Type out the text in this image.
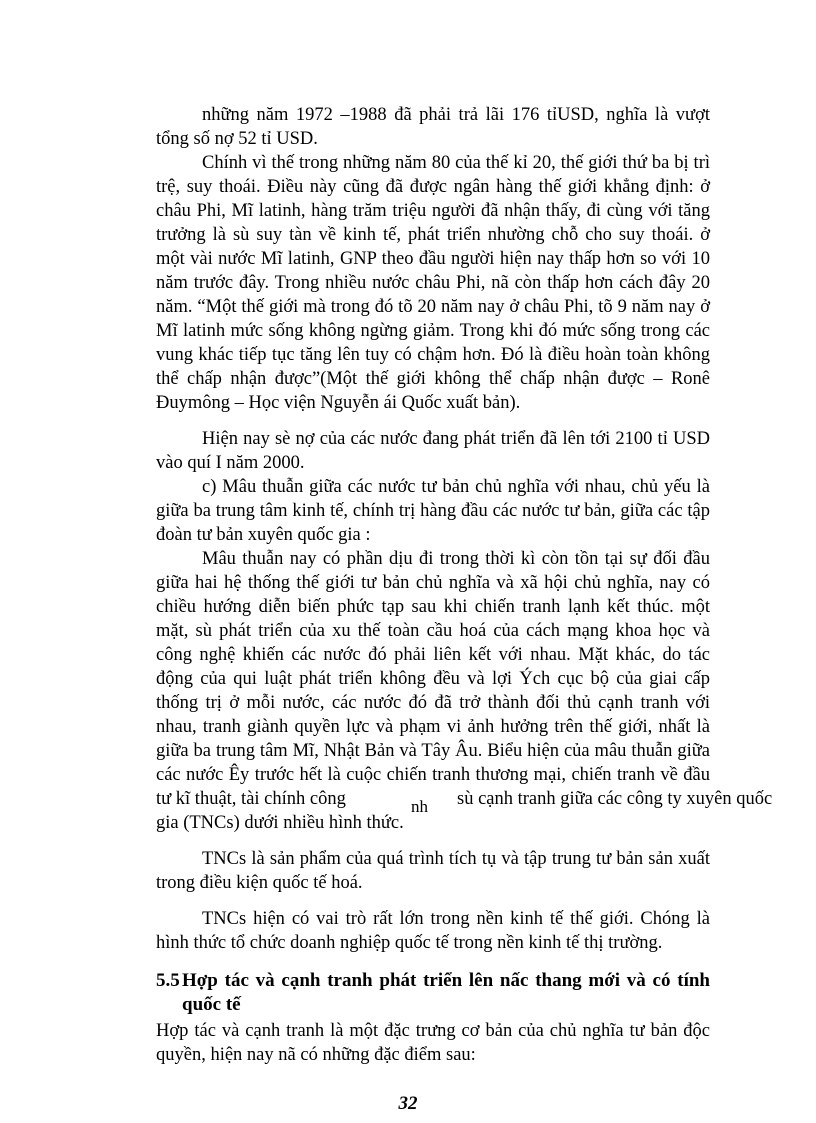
những năm 1972 –1988 đã phải trả lãi 176 tỉUSD, nghĩa là vượt
tổng số nợ 52 tỉ USD.
Chính vì thế trong những năm 80 của thế kỉ 20, thế giới thứ ba bị trì
trệ, suy thoái. Điều này cũng đã được ngân hàng thế giới khẳng định: ở
châu Phi, Mĩ latinh, hàng trăm triệu người đã nhận thấy, đi cùng với tăng
trưởng là sù suy tàn về kinh tế, phát triển nhường chỗ cho suy thoái. ở
một vài nước Mĩ latinh, GNP theo đầu người hiện nay thấp hơn so với 10
năm trước đây. Trong nhiều nước châu Phi, nã còn thấp hơn cách đây 20
năm. “Một thế giới mà trong đó tõ 20 năm nay ở châu Phi, tõ 9 năm nay ở
Mĩ latinh mức sống không ngừng giảm. Trong khi đó mức sống trong các
vung khác tiếp tục tăng lên tuy có chậm hơn. Đó là điều hoàn toàn không
thể chấp nhận được”(Một thế giới không thể chấp nhận được – Ronê
Đuymông – Học viện Nguyễn ái Quốc xuất bản).
Hiện nay sè nợ của các nước đang phát triển đã lên tới 2100 tỉ USD
vào quí I năm 2000.
c) Mâu thuẫn giữa các nước tư bản chủ nghĩa với nhau, chủ yếu là
giữa ba trung tâm kinh tế, chính trị hàng đầu các nước tư bản, giữa các tập
đoàn tư bản xuyên quốc gia :
Mâu thuẫn nay có phần dịu đi trong thời kì còn tồn tại sự đối đầu
giữa hai hệ thống thế giới tư bản chủ nghĩa và xã hội chủ nghĩa, nay có
chiều hướng diễn biến phức tạp sau khi chiến tranh lạnh kết thúc. một
mặt, sù phát triển của xu thế toàn cầu hoá của cách mạng khoa học và
công nghệ khiến các nước đó phải liên kết với nhau. Mặt khác, do tác
động của qui luật phát triển không đều và lợi Ých cục bộ của giai cấp
thống trị ở mỗi nước, các nước đó đã trở thành đối thủ cạnh tranh với
nhau, tranh giành quyền lực và phạm vi ảnh hưởng trên thế giới, nhất là
giữa ba trung tâm Mĩ, Nhật Bản và Tây Âu. Biểu hiện của mâu thuẫn giữa
các nước Êy trước hết là cuộc chiến tranh thương mại, chiến tranh về đầu
tư kĩ thuật, tài chính công	nh sù cạnh tranh giữa các công ty xuyên quốc
gia (TNCs) dưới nhiều hình thức.
TNCs là sản phẩm của quá trình tích tụ và tập trung tư bản sản xuất
trong điều kiện quốc tế hoá.
TNCs hiện có vai trò rất lớn trong nền kinh tế thế giới. Chóng là
hình thức tổ chức doanh nghiệp quốc tế trong nền kinh tế thị trường.
5.5 Hợp tác và cạnh tranh phát triển lên nấc thang mới và có tính
quốc tế
Hợp tác và cạnh tranh là một đặc trưng cơ bản của chủ nghĩa tư bản độc
quyền, hiện nay nã có những đặc điểm sau:
32
